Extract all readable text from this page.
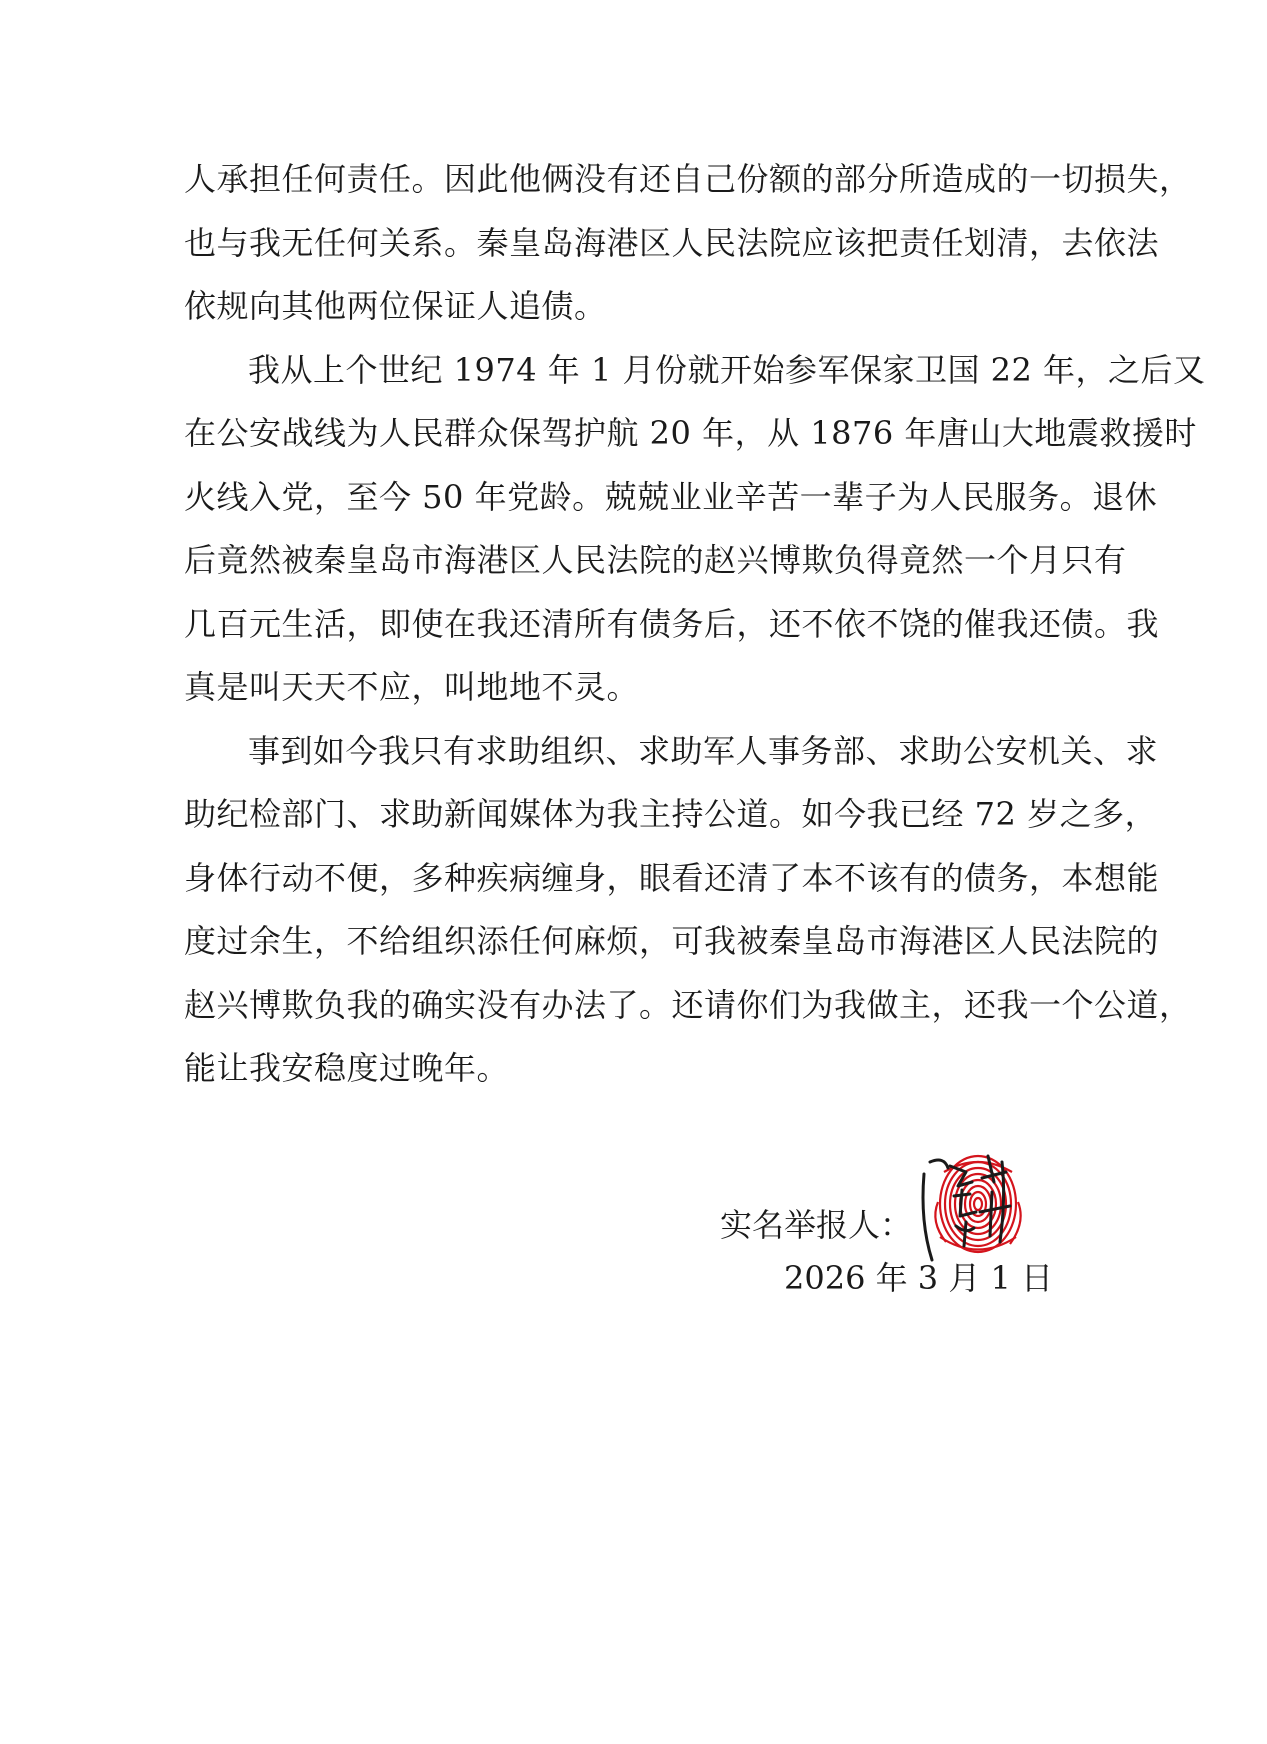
人承担任何责任。因此他俩没有还自己份额的部分所造成的一切损失，
也与我无任何关系。秦皇岛海港区人民法院应该把责任划清，去依法
依规向其他两位保证人追债。
我从上个世纪 1974 年 1 月份就开始参军保家卫国 22 年，之后又
在公安战线为人民群众保驾护航 20 年，从 1876 年唐山大地震救援时
火线入党，至今 50 年党龄。兢兢业业辛苦一辈子为人民服务。退休
后竟然被秦皇岛市海港区人民法院的赵兴博欺负得竟然一个月只有
几百元生活，即使在我还清所有债务后，还不依不饶的催我还债。我
真是叫天天不应，叫地地不灵。
事到如今我只有求助组织、求助军人事务部、求助公安机关、求
助纪检部门、求助新闻媒体为我主持公道。如今我已经 72 岁之多，
身体行动不便，多种疾病缠身，眼看还清了本不该有的债务，本想能
度过余生，不给组织添任何麻烦，可我被秦皇岛市海港区人民法院的
赵兴博欺负我的确实没有办法了。还请你们为我做主，还我一个公道，
能让我安稳度过晚年。
实名举报人：
2026 年 3 月 1 日
